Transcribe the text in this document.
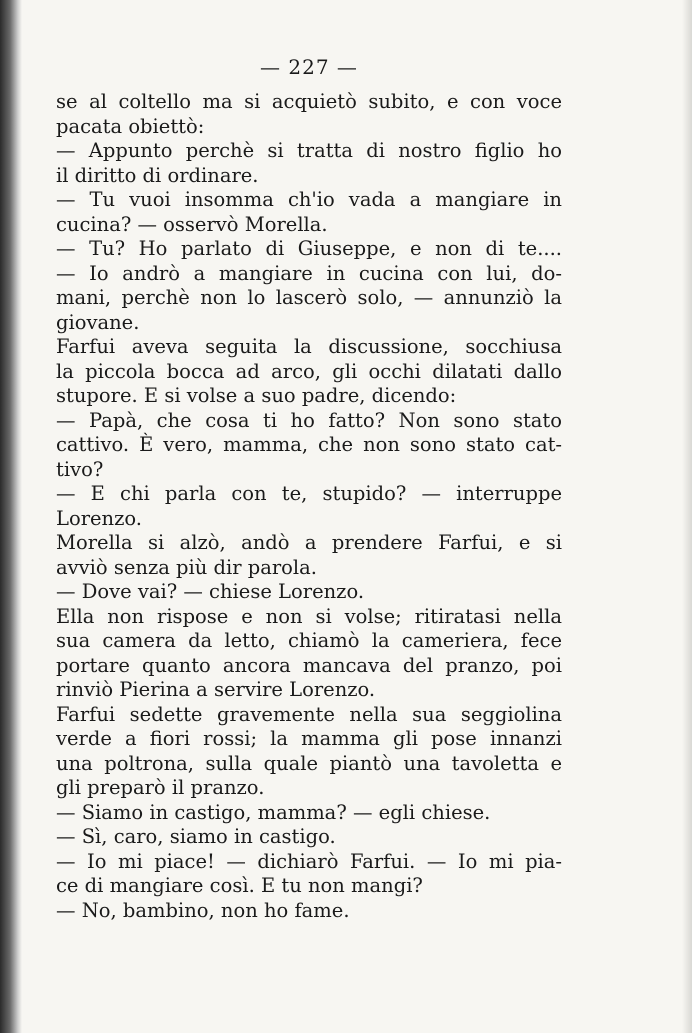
— 227 —
se al coltello ma si acquietò subito, e con voce
pacata obiettò:
— Appunto perchè si tratta di nostro figlio ho
il diritto di ordinare.
— Tu vuoi insomma ch'io vada a mangiare in
cucina? — osservò Morella.
— Tu? Ho parlato di Giuseppe, e non di te....
— Io andrò a mangiare in cucina con lui, do-
mani, perchè non lo lascerò solo, — annunziò la
giovane.
Farfui aveva seguita la discussione, socchiusa
la piccola bocca ad arco, gli occhi dilatati dallo
stupore. E si volse a suo padre, dicendo:
— Papà, che cosa ti ho fatto? Non sono stato
cattivo. È vero, mamma, che non sono stato cat-
tivo?
— E chi parla con te, stupido? — interruppe
Lorenzo.
Morella si alzò, andò a prendere Farfui, e si
avviò senza più dir parola.
— Dove vai? — chiese Lorenzo.
Ella non rispose e non si volse; ritiratasi nella
sua camera da letto, chiamò la cameriera, fece
portare quanto ancora mancava del pranzo, poi
rinviò Pierina a servire Lorenzo.
Farfui sedette gravemente nella sua seggiolina
verde a fiori rossi; la mamma gli pose innanzi
una poltrona, sulla quale piantò una tavoletta e
gli preparò il pranzo.
— Siamo in castigo, mamma? — egli chiese.
— Sì, caro, siamo in castigo.
— Io mi piace! — dichiarò Farfui. — Io mi pia-
ce di mangiare così. E tu non mangi?
— No, bambino, non ho fame.
